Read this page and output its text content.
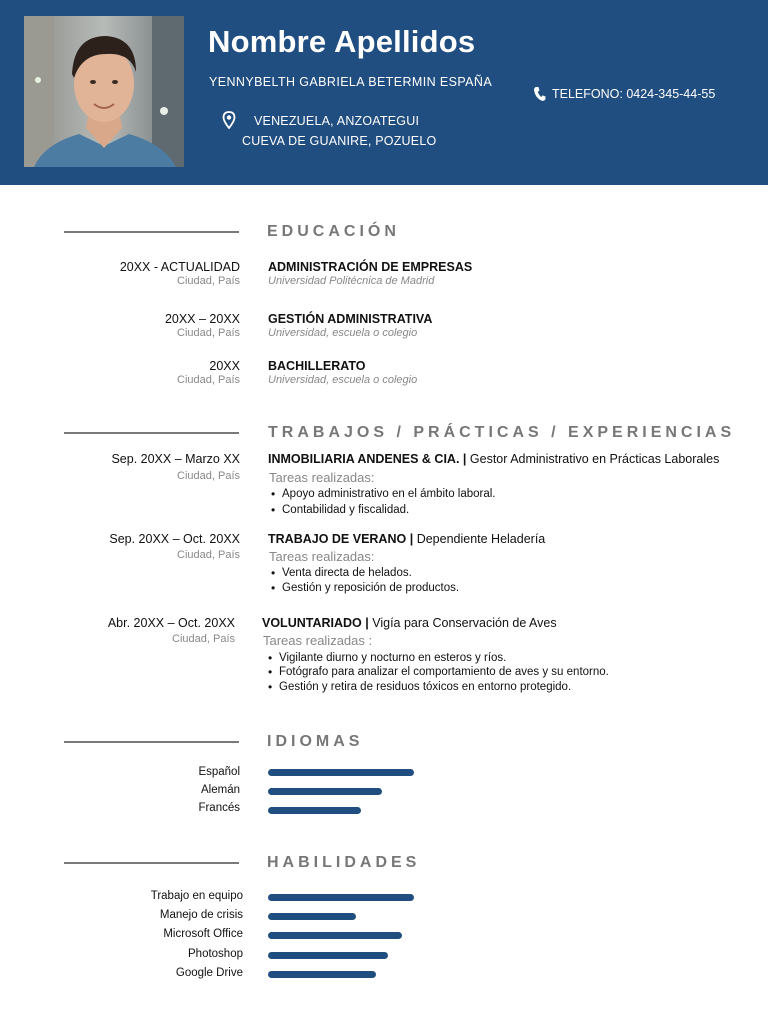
Nombre Apellidos
YENNYBELTH GABRIELA BETERMIN ESPAÑA
TELEFONO: 0424-345-44-55
VENEZUELA, ANZOATEGUI
CUEVA DE GUANIRE, POZUELO
EDUCACIÓN
20XX - ACTUALIDAD
Ciudad, País
ADMINISTRACIÓN DE EMPRESAS
Universidad Politécnica de Madrid
20XX – 20XX
Ciudad, País
GESTIÓN ADMINISTRATIVA
Universidad, escuela o colegio
20XX
Ciudad, País
BACHILLERATO
Universidad, escuela o colegio
TRABAJOS / PRÁCTICAS / EXPERIENCIAS
Sep. 20XX – Marzo XX
Ciudad, País
INMOBILIARIA ANDENES & CIA. | Gestor Administrativo en Prácticas Laborales
Tareas realizadas:
• Apoyo administrativo en el ámbito laboral.
• Contabilidad y fiscalidad.
Sep. 20XX – Oct. 20XX
Ciudad, País
TRABAJO DE VERANO | Dependiente Heladería
Tareas realizadas:
• Venta directa de helados.
• Gestión y reposición de productos.
Abr. 20XX – Oct. 20XX
Ciudad, País
VOLUNTARIADO | Vigía para Conservación de Aves
Tareas realizadas :
• Vigilante diurno y nocturno en esteros y ríos.
• Fotógrafo para analizar el comportamiento de aves y su entorno.
• Gestión y retira de residuos tóxicos en entorno protegido.
IDIOMAS
Español
Alemán
Francés
HABILIDADES
Trabajo en equipo
Manejo de crisis
Microsoft Office
Photoshop
Google Drive
